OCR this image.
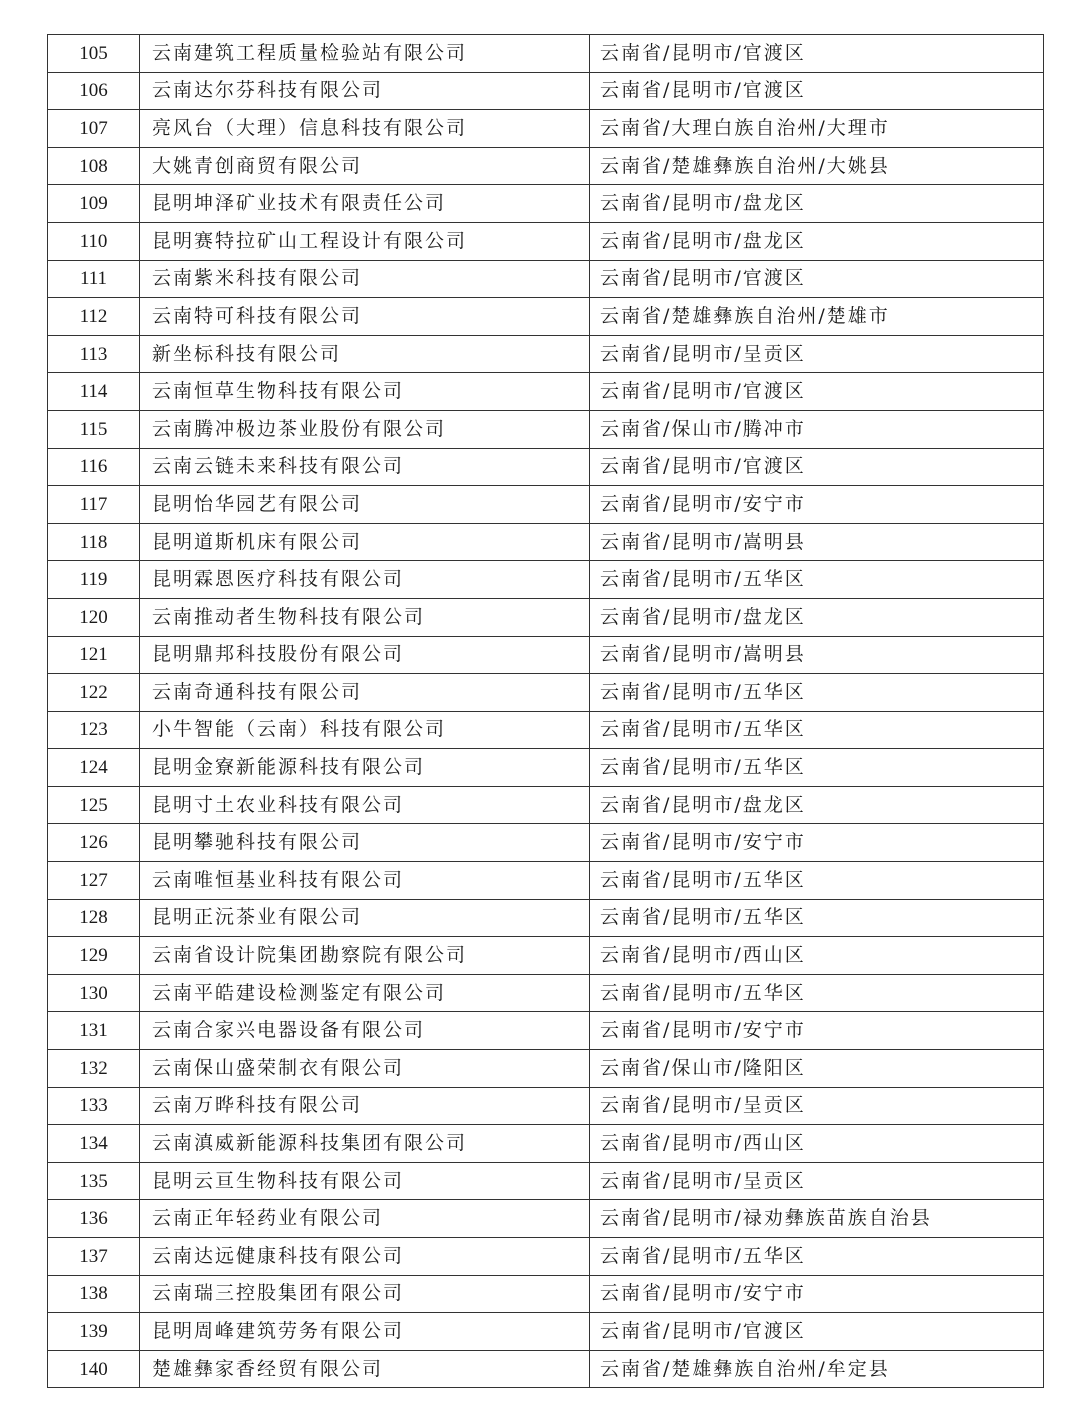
105	云南建筑工程质量检验站有限公司	云南省/昆明市/官渡区
106	云南达尔芬科技有限公司	云南省/昆明市/官渡区
107	亮风台（大理）信息科技有限公司	云南省/大理白族自治州/大理市
108	大姚青创商贸有限公司	云南省/楚雄彝族自治州/大姚县
109	昆明坤泽矿业技术有限责任公司	云南省/昆明市/盘龙区
110	昆明赛特拉矿山工程设计有限公司	云南省/昆明市/盘龙区
111	云南紫米科技有限公司	云南省/昆明市/官渡区
112	云南特可科技有限公司	云南省/楚雄彝族自治州/楚雄市
113	新坐标科技有限公司	云南省/昆明市/呈贡区
114	云南恒草生物科技有限公司	云南省/昆明市/官渡区
115	云南腾冲极边茶业股份有限公司	云南省/保山市/腾冲市
116	云南云链未来科技有限公司	云南省/昆明市/官渡区
117	昆明怡华园艺有限公司	云南省/昆明市/安宁市
118	昆明道斯机床有限公司	云南省/昆明市/嵩明县
119	昆明霖恩医疗科技有限公司	云南省/昆明市/五华区
120	云南推动者生物科技有限公司	云南省/昆明市/盘龙区
121	昆明鼎邦科技股份有限公司	云南省/昆明市/嵩明县
122	云南奇通科技有限公司	云南省/昆明市/五华区
123	小牛智能（云南）科技有限公司	云南省/昆明市/五华区
124	昆明金寮新能源科技有限公司	云南省/昆明市/五华区
125	昆明寸土农业科技有限公司	云南省/昆明市/盘龙区
126	昆明攀驰科技有限公司	云南省/昆明市/安宁市
127	云南唯恒基业科技有限公司	云南省/昆明市/五华区
128	昆明正沅茶业有限公司	云南省/昆明市/五华区
129	云南省设计院集团勘察院有限公司	云南省/昆明市/西山区
130	云南平皓建设检测鉴定有限公司	云南省/昆明市/五华区
131	云南合家兴电器设备有限公司	云南省/昆明市/安宁市
132	云南保山盛荣制衣有限公司	云南省/保山市/隆阳区
133	云南万晔科技有限公司	云南省/昆明市/呈贡区
134	云南滇威新能源科技集团有限公司	云南省/昆明市/西山区
135	昆明云亘生物科技有限公司	云南省/昆明市/呈贡区
136	云南正年轻药业有限公司	云南省/昆明市/禄劝彝族苗族自治县
137	云南达远健康科技有限公司	云南省/昆明市/五华区
138	云南瑞三控股集团有限公司	云南省/昆明市/安宁市
139	昆明周峰建筑劳务有限公司	云南省/昆明市/官渡区
140	楚雄彝家香经贸有限公司	云南省/楚雄彝族自治州/牟定县
